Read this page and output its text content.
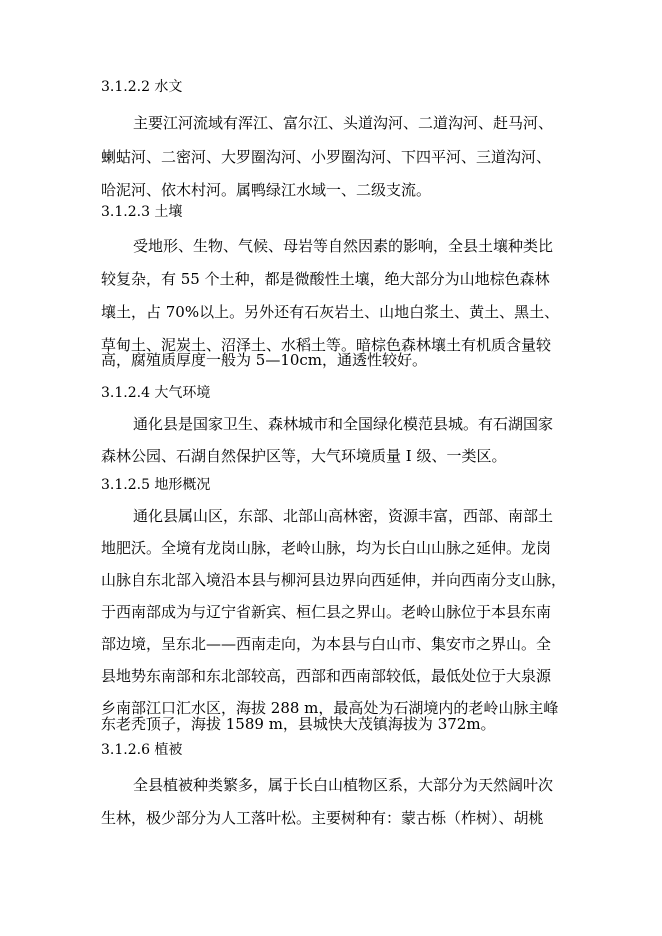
3.1.2.2 水文
主要江河流域有浑江、富尔江、头道沟河、二道沟河、赶马河、
蝲蛄河、二密河、大罗圈沟河、小罗圈沟河、下四平河、三道沟河、
哈泥河、依木村河。属鸭绿江水域一、二级支流。
3.1.2.3 土壤
受地形、生物、气候、母岩等自然因素的影响，全县土壤种类比
较复杂，有 55 个土种，都是微酸性土壤，绝大部分为山地棕色森林
壤土，占 70%以上。另外还有石灰岩土、山地白浆土、黄土、黑土、
草甸土、泥炭土、沼泽土、水稻土等。暗棕色森林壤土有机质含量较
高，腐殖质厚度一般为 5—10cm，通透性较好。
3.1.2.4 大气环境
通化县是国家卫生、森林城市和全国绿化模范县城。有石湖国家
森林公园、石湖自然保护区等，大气环境质量 I 级、一类区。
3.1.2.5 地形概况
通化县属山区，东部、北部山高林密，资源丰富，西部、南部土
地肥沃。全境有龙岗山脉，老岭山脉，均为长白山山脉之延伸。龙岗
山脉自东北部入境沿本县与柳河县边界向西延伸，并向西南分支山脉，
于西南部成为与辽宁省新宾、桓仁县之界山。老岭山脉位于本县东南
部边境，呈东北——西南走向，为本县与白山市、集安市之界山。全
县地势东南部和东北部较高，西部和西南部较低，最低处位于大泉源
乡南部江口汇水区，海拔 288 m，最高处为石湖境内的老岭山脉主峰
东老秃顶子，海拔 1589 m，县城快大茂镇海拔为 372m。
3.1.2.6 植被
全县植被种类繁多，属于长白山植物区系，大部分为天然阔叶次
生林，极少部分为人工落叶松。主要树种有：蒙古栎（柞树）、胡桃
